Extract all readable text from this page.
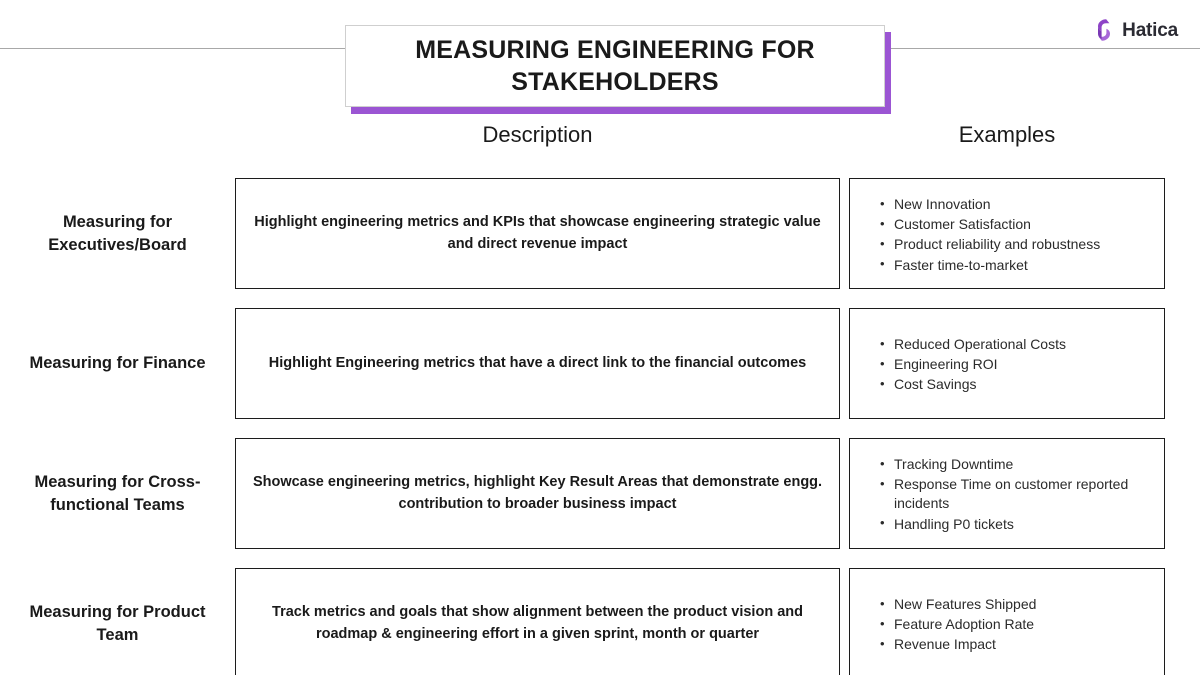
Hatica
MEASURING ENGINEERING FOR STAKEHOLDERS
Description	Examples
Measuring for Executives/Board
Highlight engineering metrics and KPIs that showcase engineering strategic value and direct revenue impact
• New Innovation
• Customer Satisfaction
• Product reliability and robustness
• Faster time-to-market
Measuring for Finance	Highlight Engineering metrics that have a direct link to the financial outcomes
• Reduced Operational Costs
• Engineering ROI
• Cost Savings
Measuring for Cross-functional Teams
Showcase engineering metrics, highlight Key Result Areas that demonstrate engg. contribution to broader business impact
• Tracking Downtime
• Response Time on customer reported incidents
• Handling P0 tickets
Measuring for Product Team
Track metrics and goals that show alignment between the product vision and roadmap & engineering effort in a given sprint, month or quarter
• New Features Shipped
• Feature Adoption Rate
• Revenue Impact
